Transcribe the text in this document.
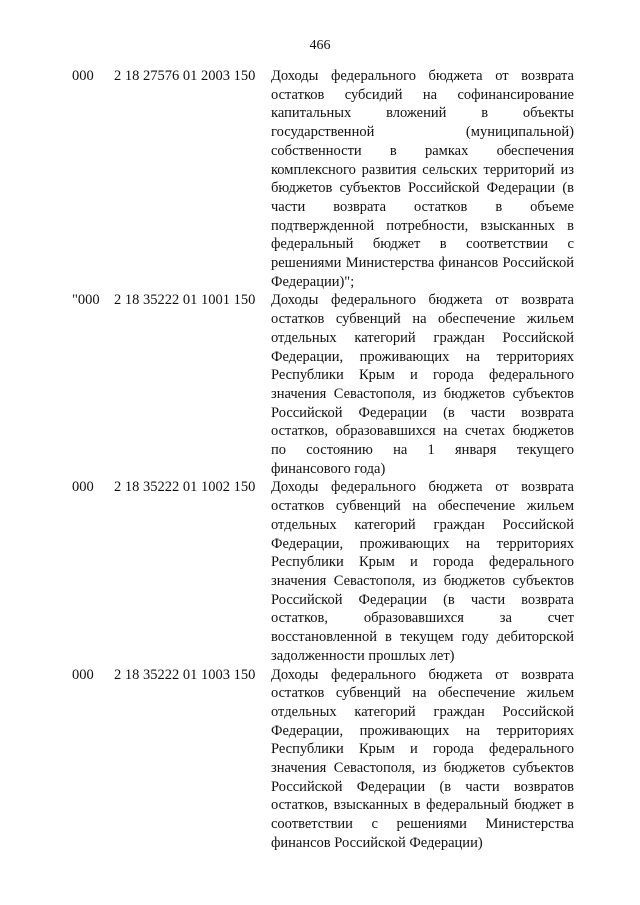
466
000 2 18 27576 01 2003 150 Доходы федерального бюджета от возврата остатков субсидий на софинансирование капитальных вложений в объекты государственной (муниципальной) собственности в рамках обеспечения комплексного развития сельских территорий из бюджетов субъектов Российской Федерации (в части возврата остатков в объеме подтвержденной потребности, взысканных в федеральный бюджет в соответствии с решениями Министерства финансов Российской Федерации)";
"000 2 18 35222 01 1001 150 Доходы федерального бюджета от возврата остатков субвенций на обеспечение жильем отдельных категорий граждан Российской Федерации, проживающих на территориях Республики Крым и города федерального значения Севастополя, из бюджетов субъектов Российской Федерации (в части возврата остатков, образовавшихся на счетах бюджетов по состоянию на 1 января текущего финансового года)
000 2 18 35222 01 1002 150 Доходы федерального бюджета от возврата остатков субвенций на обеспечение жильем отдельных категорий граждан Российской Федерации, проживающих на территориях Республики Крым и города федерального значения Севастополя, из бюджетов субъектов Российской Федерации (в части возврата остатков, образовавшихся за счет восстановленной в текущем году дебиторской задолженности прошлых лет)
000 2 18 35222 01 1003 150 Доходы федерального бюджета от возврата остатков субвенций на обеспечение жильем отдельных категорий граждан Российской Федерации, проживающих на территориях Республики Крым и города федерального значения Севастополя, из бюджетов субъектов Российской Федерации (в части возвратов остатков, взысканных в федеральный бюджет в соответствии с решениями Министерства финансов Российской Федерации)
